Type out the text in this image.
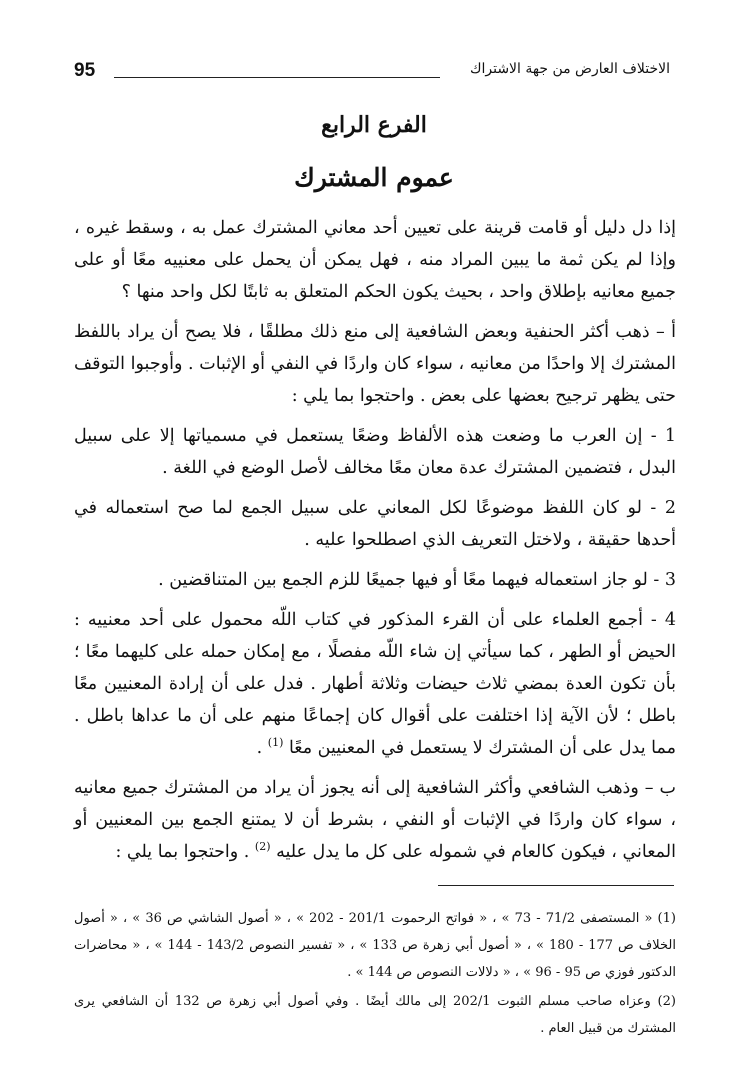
95	الاختلاف العارض من جهة الاشتراك
الفرع الرابع
عموم المشترك

إذا دل دليل أو قامت قرينة على تعيين أحد معاني المشترك عمل به ، وسقط غيره ، وإذا لم يكن ثمة ما يبين المراد منه ، فهل يمكن أن يحمل على معنييه معًا أو على جميع معانيه بإطلاق واحد ، بحيث يكون الحكم المتعلق به ثابتًا لكل واحد منها ؟

أ – ذهب أكثر الحنفية وبعض الشافعية إلى منع ذلك مطلقًا ، فلا يصح أن يراد باللفظ المشترك إلا واحدًا من معانيه ، سواء كان واردًا في النفي أو الإثبات . وأوجبوا التوقف حتى يظهر ترجيح بعضها على بعض . واحتجوا بما يلي :

1 - إن العرب ما وضعت هذه الألفاظ وضعًا يستعمل في مسمياتها إلا على سبيل البدل ، فتضمين المشترك عدة معان معًا مخالف لأصل الوضع في اللغة .

2 - لو كان اللفظ موضوعًا لكل المعاني على سبيل الجمع لما صح استعماله في أحدها حقيقة ، ولاختل التعريف الذي اصطلحوا عليه .

3 - لو جاز استعماله فيهما معًا أو فيها جميعًا للزم الجمع بين المتناقضين .

4 - أجمع العلماء على أن القرء المذكور في كتاب اللّه محمول على أحد معنييه : الحيض أو الطهر ، كما سيأتي إن شاء اللّه مفصلًا ، مع إمكان حمله على كليهما معًا ؛ بأن تكون العدة بمضي ثلاث حيضات وثلاثة أطهار . فدل على أن إرادة المعنيين معًا باطل ؛ لأن الآية إذا اختلفت على أقوال كان إجماعًا منهم على أن ما عداها باطل . مما يدل على أن المشترك لا يستعمل في المعنيين معًا $^{(1)}$ .

ب – وذهب الشافعي وأكثر الشافعية إلى أنه يجوز أن يراد من المشترك جميع معانيه ، سواء كان واردًا في الإثبات أو النفي ، بشرط أن لا يمتنع الجمع بين المعنيين أو المعاني ، فيكون كالعام في شموله على كل ما يدل عليه $^{(2)}$ . واحتجوا بما يلي :

(1) « المستصفى 71/2 - 73 » ، « فواتح الرحموت 201/1 - 202 » ، « أصول الشاشي ص 36 » ، « أصول الخلاف ص 177 - 180 » ، « أصول أبي زهرة ص 133 » ، « تفسير النصوص 143/2 - 144 » ، « محاضرات الدكتور فوزي ص 95 - 96 » ، « دلالات النصوص ص 144 » .

(2) وعزاه صاحب مسلم الثبوت 202/1 إلى مالك أيضًا . وفي أصول أبي زهرة ص 132 أن الشافعي يرى المشترك من قبيل العام .
